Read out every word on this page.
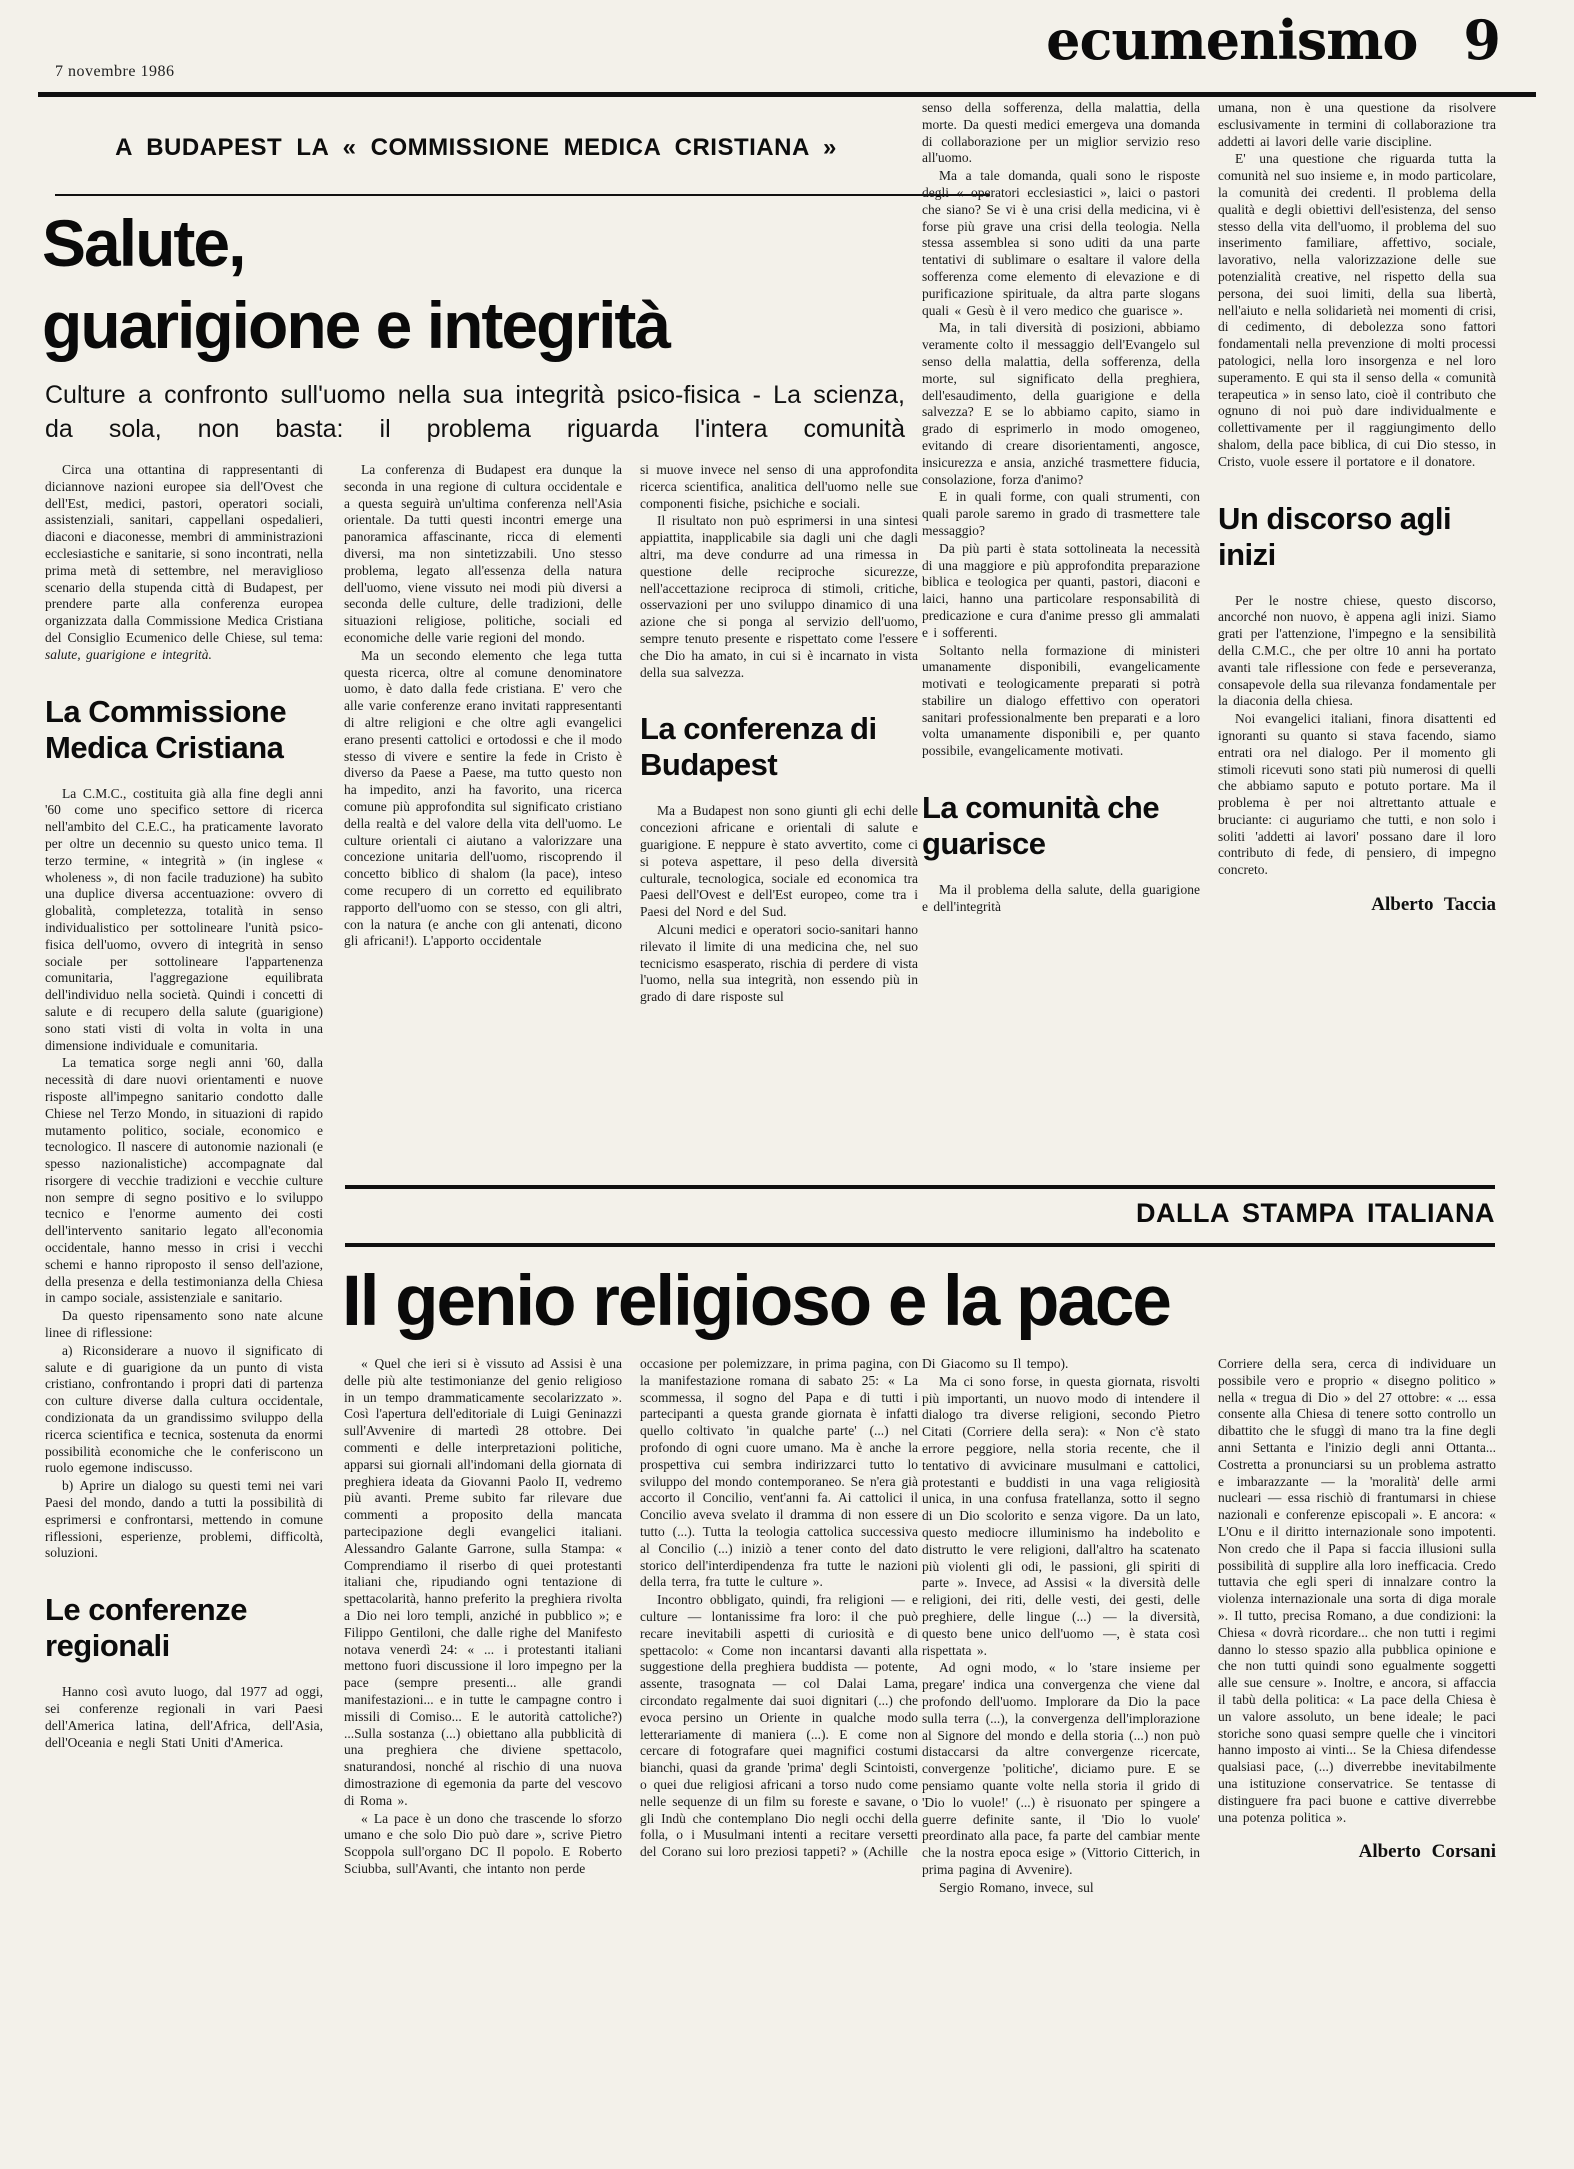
7 novembre 1986	ecumenismo 9
A BUDAPEST LA « COMMISSIONE MEDICA CRISTIANA »
Salute,
guarigione e integrità
Culture a confronto sull'uomo nella sua integrità psico-fisica - La scienza, da sola, non basta: il problema riguarda l'intera comunità

Circa una ottantina di rappresentanti di diciannove nazioni europee sia dell'Ovest che dell'Est, medici, pastori, operatori sociali, assistenziali, sanitari, cappellani ospedalieri, diaconi e diaconesse, membri di amministrazioni ecclesiastiche e sanitarie, si sono incontrati, nella prima metà di settembre, nel meraviglioso scenario della stupenda città di Budapest, per prendere parte alla conferenza europea organizzata dalla Commissione Medica Cristiana del Consiglio Ecumenico delle Chiese, sul tema: salute, guarigione e integrità.

La Commissione Medica Cristiana

La C.M.C., costituita già alla fine degli anni '60 come uno specifico settore di ricerca nell'ambito del C.E.C., ha praticamente lavorato per oltre un decennio su questo unico tema. Il terzo termine, « integrità » (in inglese « wholeness », di non facile traduzione) ha subìto una duplice diversa accentuazione: ovvero di globalità, completezza, totalità in senso individualistico per sottolineare l'unità psico-fisica dell'uomo, ovvero di integrità in senso sociale per sottolineare l'appartenenza comunitaria, l'aggregazione equilibrata dell'individuo nella società. Quindi i concetti di salute e di recupero della salute (guarigione) sono stati visti di volta in volta in una dimensione individuale e comunitaria.

La tematica sorge negli anni '60, dalla necessità di dare nuovi orientamenti e nuove risposte all'impegno sanitario condotto dalle Chiese nel Terzo Mondo, in situazioni di rapido mutamento politico, sociale, economico e tecnologico. Il nascere di autonomie nazionali (e spesso nazionalistiche) accompagnate dal risorgere di vecchie tradizioni e vecchie culture non sempre di segno positivo e lo sviluppo tecnico e l'enorme aumento dei costi dell'intervento sanitario legato all'economia occidentale, hanno messo in crisi i vecchi schemi e hanno riproposto il senso dell'azione, della presenza e della testimonianza della Chiesa in campo sociale, assistenziale e sanitario.

Da questo ripensamento sono nate alcune linee di riflessione:

a) Riconsiderare a nuovo il significato di salute e di guarigione da un punto di vista cristiano, confrontando i propri dati di partenza con culture diverse dalla cultura occidentale, condizionata da un grandissimo sviluppo della ricerca scientifica e tecnica, sostenuta da enormi possibilità economiche che le conferiscono un ruolo egemone indiscusso.

b) Aprire un dialogo su questi temi nei vari Paesi del mondo, dando a tutti la possibilità di esprimersi e confrontarsi, mettendo in comune riflessioni, esperienze, problemi, difficoltà, soluzioni.

Le conferenze regionali

Hanno così avuto luogo, dal 1977 ad oggi, sei conferenze regionali in vari Paesi dell'America latina, dell'Africa, dell'Asia, dell'Oceania e negli Stati Uniti d'America.

La conferenza di Budapest era dunque la seconda in una regione di cultura occidentale e a questa seguirà un'ultima conferenza nell'Asia orientale. Da tutti questi incontri emerge una panoramica affascinante, ricca di elementi diversi, ma non sintetizzabili. Uno stesso problema, legato all'essenza della natura dell'uomo, viene vissuto nei modi più diversi a seconda delle culture, delle tradizioni, delle situazioni religiose, politiche, sociali ed economiche delle varie regioni del mondo.

Ma un secondo elemento che lega tutta questa ricerca, oltre al comune denominatore uomo, è dato dalla fede cristiana. E' vero che alle varie conferenze erano invitati rappresentanti di altre religioni e che oltre agli evangelici erano presenti cattolici e ortodossi e che il modo stesso di vivere e sentire la fede in Cristo è diverso da Paese a Paese, ma tutto questo non ha impedito, anzi ha favorito, una ricerca comune più approfondita sul significato cristiano della realtà e del valore della vita dell'uomo. Le culture orientali ci aiutano a valorizzare una concezione unitaria dell'uomo, riscoprendo il concetto biblico di shalom (la pace), inteso come recupero di un corretto ed equilibrato rapporto dell'uomo con se stesso, con gli altri, con la natura (e anche con gli antenati, dicono gli africani!). L'apporto occidentale

si muove invece nel senso di una approfondita ricerca scientifica, analitica dell'uomo nelle sue componenti fisiche, psichiche e sociali.

Il risultato non può esprimersi in una sintesi appiattita, inapplicabile sia dagli uni che dagli altri, ma deve condurre ad una rimessa in questione delle reciproche sicurezze, nell'accettazione reciproca di stimoli, critiche, osservazioni per uno sviluppo dinamico di una azione che si ponga al servizio dell'uomo, sempre tenuto presente e rispettato come l'essere che Dio ha amato, in cui si è incarnato in vista della sua salvezza.

La conferenza di Budapest

Ma a Budapest non sono giunti gli echi delle concezioni africane e orientali di salute e guarigione. E neppure è stato avvertito, come ci si poteva aspettare, il peso della diversità culturale, tecnologica, sociale ed economica tra Paesi dell'Ovest e dell'Est europeo, come tra i Paesi del Nord e del Sud.

Alcuni medici e operatori socio-sanitari hanno rilevato il limite di una medicina che, nel suo tecnicismo esasperato, rischia di perdere di vista l'uomo, nella sua integrità, non essendo più in grado di dare risposte sul

senso della sofferenza, della malattia, della morte. Da questi medici emergeva una domanda di collaborazione per un miglior servizio reso all'uomo.

Ma a tale domanda, quali sono le risposte degli « operatori ecclesiastici », laici o pastori che siano? Se vi è una crisi della medicina, vi è forse più grave una crisi della teologia. Nella stessa assemblea si sono uditi da una parte tentativi di sublimare o esaltare il valore della sofferenza come elemento di elevazione e di purificazione spirituale, da altra parte slogans quali « Gesù è il vero medico che guarisce ».

Ma, in tali diversità di posizioni, abbiamo veramente colto il messaggio dell'Evangelo sul senso della malattia, della sofferenza, della morte, sul significato della preghiera, dell'esaudimento, della guarigione e della salvezza? E se lo abbiamo capito, siamo in grado di esprimerlo in modo omogeneo, evitando di creare disorientamenti, angosce, insicurezza e ansia, anziché trasmettere fiducia, consolazione, forza d'animo?

E in quali forme, con quali strumenti, con quali parole saremo in grado di trasmettere tale messaggio?

Da più parti è stata sottolineata la necessità di una maggiore e più approfondita preparazione biblica e teologica per quanti, pastori, diaconi e laici, hanno una particolare responsabilità di predicazione e cura d'anime presso gli ammalati e i sofferenti.

Soltanto nella formazione di ministeri umanamente disponibili, evangelicamente motivati e teologicamente preparati si potrà stabilire un dialogo effettivo con operatori sanitari professionalmente ben preparati e a loro volta umanamente disponibili e, per quanto possibile, evangelicamente motivati.

La comunità che guarisce

Ma il problema della salute, della guarigione e dell'integrità

umana, non è una questione da risolvere esclusivamente in termini di collaborazione tra addetti ai lavori delle varie discipline.

E' una questione che riguarda tutta la comunità nel suo insieme e, in modo particolare, la comunità dei credenti. Il problema della qualità e degli obiettivi dell'esistenza, del senso stesso della vita dell'uomo, il problema del suo inserimento familiare, affettivo, sociale, lavorativo, nella valorizzazione delle sue potenzialità creative, nel rispetto della sua persona, dei suoi limiti, della sua libertà, nell'aiuto e nella solidarietà nei momenti di crisi, di cedimento, di debolezza sono fattori fondamentali nella prevenzione di molti processi patologici, nella loro insorgenza e nel loro superamento. E qui sta il senso della « comunità terapeutica » in senso lato, cioè il contributo che ognuno di noi può dare individualmente e collettivamente per il raggiungimento dello shalom, della pace biblica, di cui Dio stesso, in Cristo, vuole essere il portatore e il donatore.

Un discorso agli inizi

Per le nostre chiese, questo discorso, ancorché non nuovo, è appena agli inizi. Siamo grati per l'attenzione, l'impegno e la sensibilità della C.M.C., che per oltre 10 anni ha portato avanti tale riflessione con fede e perseveranza, consapevole della sua rilevanza fondamentale per la diaconia della chiesa.

Noi evangelici italiani, finora disattenti ed ignoranti su quanto si stava facendo, siamo entrati ora nel dialogo. Per il momento gli stimoli ricevuti sono stati più numerosi di quelli che abbiamo saputo e potuto portare. Ma il problema è per noi altrettanto attuale e bruciante: ci auguriamo che tutti, e non solo i soliti 'addetti ai lavori' possano dare il loro contributo di fede, di pensiero, di impegno concreto.

Alberto Taccia
DALLA STAMPA ITALIANA
Il genio religioso e la pace

« Quel che ieri si è vissuto ad Assisi è una delle più alte testimonianze del genio religioso in un tempo drammaticamente secolarizzato ». Così l'apertura dell'editoriale di Luigi Geninazzi sull'Avvenire di martedì 28 ottobre. Dei commenti e delle interpretazioni politiche, apparsi sui giornali all'indomani della giornata di preghiera ideata da Giovanni Paolo II, vedremo più avanti. Preme subito far rilevare due commenti a proposito della mancata partecipazione degli evangelici italiani. Alessandro Galante Garrone, sulla Stampa: « Comprendiamo il riserbo di quei protestanti italiani che, ripudiando ogni tentazione di spettacolarità, hanno preferito la preghiera rivolta a Dio nei loro templi, anziché in pubblico »; e Filippo Gentiloni, che dalle righe del Manifesto notava venerdì 24: « ... i protestanti italiani mettono fuori discussione il loro impegno per la pace (sempre presenti... alle grandi manifestazioni... e in tutte le campagne contro i missili di Comiso... E le autorità cattoliche?) ...Sulla sostanza (...) obiettano alla pubblicità di una preghiera che diviene spettacolo, snaturandosi, nonché al rischio di una nuova dimostrazione di egemonia da parte del vescovo di Roma ».

« La pace è un dono che trascende lo sforzo umano e che solo Dio può dare », scrive Pietro Scoppola sull'organo DC Il popolo. E Roberto Sciubba, sull'Avanti, che intanto non perde

occasione per polemizzare, in prima pagina, con la manifestazione romana di sabato 25: « La scommessa, il sogno del Papa e di tutti i partecipanti a questa grande giornata è infatti quello coltivato 'in qualche parte' (...) nel profondo di ogni cuore umano. Ma è anche la prospettiva cui sembra indirizzarci tutto lo sviluppo del mondo contemporaneo. Se n'era già accorto il Concilio, vent'anni fa. Ai cattolici il Concilio aveva svelato il dramma di non essere tutto (...). Tutta la teologia cattolica successiva al Concilio (...) iniziò a tener conto del dato storico dell'interdipendenza fra tutte le nazioni della terra, fra tutte le culture ».

Incontro obbligato, quindi, fra religioni — e culture — lontanissime fra loro: il che può recare inevitabili aspetti di curiosità e di spettacolo: « Come non incantarsi davanti alla suggestione della preghiera buddista — potente, assente, trasognata — col Dalai Lama, circondato regalmente dai suoi dignitari (...) che evoca persino un Oriente in qualche modo letterariamente di maniera (...). E come non cercare di fotografare quei magnifici costumi bianchi, quasi da grande 'prima' degli Scintoisti, o quei due religiosi africani a torso nudo come nelle sequenze di un film su foreste e savane, o gli Indù che contemplano Dio negli occhi della folla, o i Musulmani intenti a recitare versetti del Corano sui loro preziosi tappeti? » (Achille

Di Giacomo su Il tempo).

Ma ci sono forse, in questa giornata, risvolti più importanti, un nuovo modo di intendere il dialogo tra diverse religioni, secondo Pietro Citati (Corriere della sera): « Non c'è stato errore peggiore, nella storia recente, che il tentativo di avvicinare musulmani e cattolici, protestanti e buddisti in una vaga religiosità unica, in una confusa fratellanza, sotto il segno di un Dio scolorito e senza vigore. Da un lato, questo mediocre illuminismo ha indebolito e distrutto le vere religioni, dall'altro ha scatenato più violenti gli odi, le passioni, gli spiriti di parte ». Invece, ad Assisi « la diversità delle religioni, dei riti, delle vesti, dei gesti, delle preghiere, delle lingue (...) — la diversità, questo bene unico dell'uomo —, è stata così rispettata ».

Ad ogni modo, « lo 'stare insieme per pregare' indica una convergenza che viene dal profondo dell'uomo. Implorare da Dio la pace sulla terra (...), la convergenza dell'implorazione al Signore del mondo e della storia (...) non può distaccarsi da altre convergenze ricercate, convergenze 'politiche', diciamo pure. E se pensiamo quante volte nella storia il grido di 'Dio lo vuole!' (...) è risuonato per spingere a guerre definite sante, il 'Dio lo vuole' preordinato alla pace, fa parte del cambiar mente che la nostra epoca esige » (Vittorio Citterich, in prima pagina di Avvenire).

Sergio Romano, invece, sul

Corriere della sera, cerca di individuare un possibile vero e proprio « disegno politico » nella « tregua di Dio » del 27 ottobre: « ... essa consente alla Chiesa di tenere sotto controllo un dibattito che le sfuggì di mano tra la fine degli anni Settanta e l'inizio degli anni Ottanta... Costretta a pronunciarsi su un problema astratto e imbarazzante — la 'moralità' delle armi nucleari — essa rischiò di frantumarsi in chiese nazionali e conferenze episcopali ». E ancora: « L'Onu e il diritto internazionale sono impotenti. Non credo che il Papa si faccia illusioni sulla possibilità di supplire alla loro inefficacia. Credo tuttavia che egli speri di innalzare contro la violenza internazionale una sorta di diga morale ». Il tutto, precisa Romano, a due condizioni: la Chiesa « dovrà ricordare... che non tutti i regimi danno lo stesso spazio alla pubblica opinione e che non tutti quindi sono egualmente soggetti alle sue censure ». Inoltre, e ancora, si affaccia il tabù della politica: « La pace della Chiesa è un valore assoluto, un bene ideale; le paci storiche sono quasi sempre quelle che i vincitori hanno imposto ai vinti... Se la Chiesa difendesse qualsiasi pace, (...) diverrebbe inevitabilmente una istituzione conservatrice. Se tentasse di distinguere fra paci buone e cattive diverrebbe una potenza politica ».

Alberto Corsani
